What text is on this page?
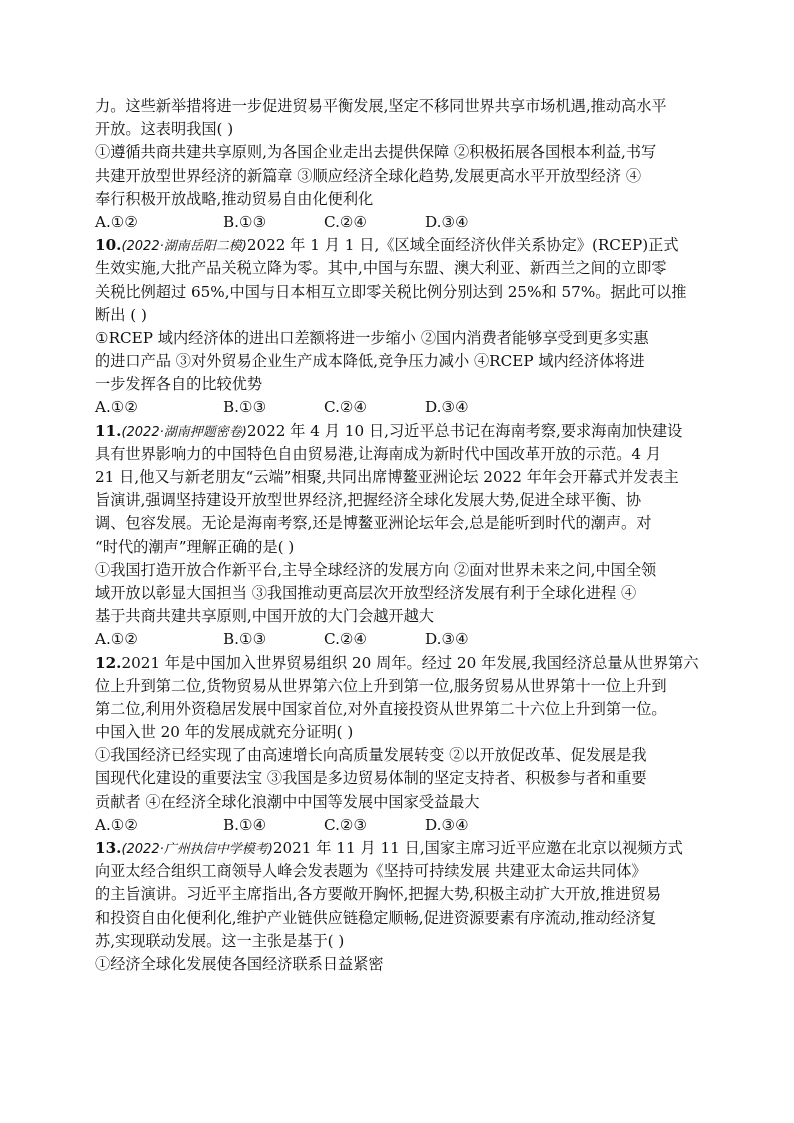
力。这些新举措将进一步促进贸易平衡发展,坚定不移同世界共享市场机遇,推动高水平
开放。这表明我国( )
①遵循共商共建共享原则,为各国企业走出去提供保障 ②积极拓展各国根本利益,书写
共建开放型世界经济的新篇章 ③顺应经济全球化趋势,发展更高水平开放型经济 ④
奉行积极开放战略,推动贸易自由化便利化
A.①②	B.①③	C.②④	D.③④
10.(2022·湖南岳阳二模)2022 年 1 月 1 日,《区域全面经济伙伴关系协定》(RCEP)正式
生效实施,大批产品关税立降为零。其中,中国与东盟、澳大利亚、新西兰之间的立即零
关税比例超过 65%,中国与日本相互立即零关税比例分别达到 25%和 57%。据此可以推
断出 ( )
①RCEP 域内经济体的进出口差额将进一步缩小 ②国内消费者能够享受到更多实惠
的进口产品 ③对外贸易企业生产成本降低,竞争压力减小 ④RCEP 域内经济体将进
一步发挥各自的比较优势
A.①②	B.①③	C.②④	D.③④
11.(2022·湖南押题密卷)2022 年 4 月 10 日,习近平总书记在海南考察,要求海南加快建设
具有世界影响力的中国特色自由贸易港,让海南成为新时代中国改革开放的示范。4 月
21 日,他又与新老朋友“云端”相聚,共同出席博鳌亚洲论坛 2022 年年会开幕式并发表主
旨演讲,强调坚持建设开放型世界经济,把握经济全球化发展大势,促进全球平衡、协
调、包容发展。无论是海南考察,还是博鳌亚洲论坛年会,总是能听到时代的潮声。对
“时代的潮声”理解正确的是( )
①我国打造开放合作新平台,主导全球经济的发展方向 ②面对世界未来之问,中国全领
域开放以彰显大国担当 ③我国推动更高层次开放型经济发展有利于全球化进程 ④
基于共商共建共享原则,中国开放的大门会越开越大
A.①②	B.①③	C.②④	D.③④
12.2021 年是中国加入世界贸易组织 20 周年。经过 20 年发展,我国经济总量从世界第六
位上升到第二位,货物贸易从世界第六位上升到第一位,服务贸易从世界第十一位上升到
第二位,利用外资稳居发展中国家首位,对外直接投资从世界第二十六位上升到第一位。
中国入世 20 年的发展成就充分证明( )
①我国经济已经实现了由高速增长向高质量发展转变 ②以开放促改革、促发展是我
国现代化建设的重要法宝 ③我国是多边贸易体制的坚定支持者、积极参与者和重要
贡献者 ④在经济全球化浪潮中中国等发展中国家受益最大
A.①②	B.①④	C.②③	D.③④
13.(2022·广州执信中学模考)2021 年 11 月 11 日,国家主席习近平应邀在北京以视频方式
向亚太经合组织工商领导人峰会发表题为《坚持可持续发展 共建亚太命运共同体》
的主旨演讲。习近平主席指出,各方要敞开胸怀,把握大势,积极主动扩大开放,推进贸易
和投资自由化便利化,维护产业链供应链稳定顺畅,促进资源要素有序流动,推动经济复
苏,实现联动发展。这一主张是基于( )
①经济全球化发展使各国经济联系日益紧密
